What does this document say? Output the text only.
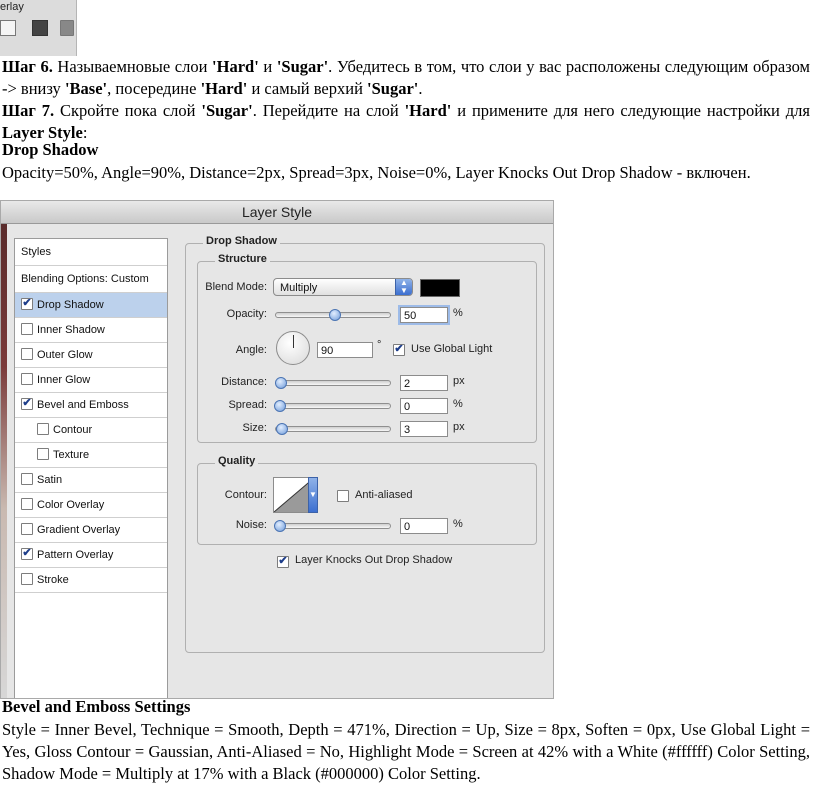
erlay
Шаг 6. Называемновые слои 'Hard' и 'Sugar'. Убедитесь в том, что слои у вас расположены следующим образом -> внизу 'Base', посередине 'Hard' и самый верхий 'Sugar'.
Шаг 7. Скройте пока слой 'Sugar'. Перейдите на слой 'Hard' и примените для него следующие настройки для Layer Style:
Drop Shadow
Opacity=50%, Angle=90%, Distance=2px, Spread=3px, Noise=0%, Layer Knocks Out Drop Shadow - включен.
Layer Style
Styles
Blending Options: Custom
✔ Drop Shadow
Inner Shadow
Outer Glow
Inner Glow
✔ Bevel and Emboss
Contour
Texture
Satin
Color Overlay
Gradient Overlay
✔ Pattern Overlay
Stroke
Drop Shadow
Structure
Blend Mode:	Multiply	▲
▼
Opacity:	50	%
Angle:	90	° ✔ Use Global Light
Distance:	2	px
Spread:	0	%
Size:	3	px
Quality
Contour:	▼	Anti-aliased
Noise:	0	%
✔ Layer Knocks Out Drop Shadow
Bevel and Emboss Settings
Style = Inner Bevel, Technique = Smooth, Depth = 471%, Direction = Up, Size = 8px, Soften = 0px, Use Global Light = Yes, Gloss Contour = Gaussian, Anti-Aliased = No, Highlight Mode = Screen at 42% with a White (#ffffff) Color Setting, Shadow Mode = Multiply at 17% with a Black (#000000) Color Setting.
